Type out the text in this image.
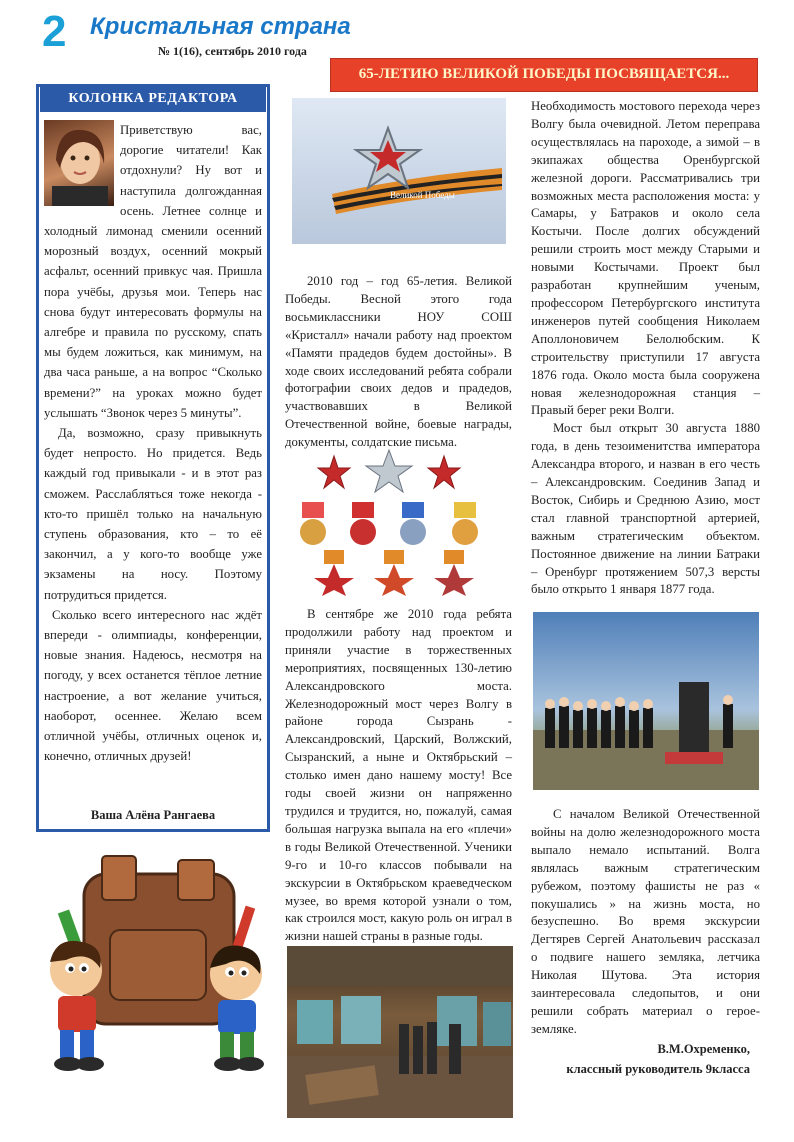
2 Кристальная страна
№ 1(16), сентябрь 2010 года
65-ЛЕТИЮ ВЕЛИКОЙ ПОБЕДЫ ПОСВЯЩАЕТСЯ...
КОЛОНКА РЕДАКТОРА

Приветствую вас, дорогие читатели! Как отдохнули? Ну вот и наступила долгожданная осень. Летнее солнце и холодный лимонад сменили осенний морозный воздух, осенний мокрый асфальт, осенний привкус чая. Пришла пора учёбы, друзья мои. Теперь нас снова будут интересовать формулы на алгебре и правила по русскому, спать мы будем ложиться, как минимум, на два часа раньше, а на вопрос “Сколько времени?” на уроках можно будет услышать “Звонок через 5 минуты”.

Да, возможно, сразу привыкнуть будет непросто. Но придется. Ведь каждый год привыкали - и в этот раз сможем. Расслабляться тоже некогда - кто-то пришёл только на начальную ступень образования, кто – то её закончил, а у кого-то вообще уже экзамены на носу. Поэтому потрудиться придется.

Сколько всего интересного нас ждёт впереди - олимпиады, конференции, новые знания. Надеюсь, несмотря на погоду, у всех останется тёплое летние настроение, а вот желание учиться, наоборот, осеннее. Желаю всем отличной учёбы, отличных оценок и, конечно, отличных друзей!

Ваша Алёна Рангаева
Великой Победы

2010 год – год 65-летия. Великой Победы. Весной этого года восьмиклассники НОУ СОШ «Кристалл» начали работу над проектом «Памяти прадедов будем достойны». В ходе своих исследований ребята собрали фотографии своих дедов и прадедов, участвовавших в Великой Отечественной войне, боевые награды, документы, солдатские письма.

В сентябре же 2010 года ребята продолжили работу над проектом и приняли участие в торжественных мероприятиях, посвященных 130-летию Александровского моста. Железнодорожный мост через Волгу в районе города Сызрань - Александровский, Царский, Волжский, Сызранский, а ныне и Октябрьский – столько имен дано нашему мосту! Все годы своей жизни он напряженно трудился и трудится, но, пожалуй, самая большая нагрузка выпала на его «плечи» в годы Великой Отечественной. Ученики 9-го и 10-го классов побывали на экскурсии в Октябрьском краеведческом музее, во время которой узнали о том, как строился мост, какую роль он играл в жизни нашей страны в разные годы.

Необходимость мостового перехода через Волгу была очевидной. Летом переправа осуществлялась на пароходе, а зимой – в экипажах общества Оренбургской железной дороги. Рассматривались три возможных места расположения моста: у Самары, у Батраков и около села Костычи. После долгих обсуждений решили строить мост между Старыми и новыми Костычами. Проект был разработан крупнейшим ученым, профессором Петербургского института инженеров путей сообщения Николаем Аполлоновичем Белолюбским. К строительству приступили 17 августа 1876 года. Около моста была сооружена новая железнодорожная станция – Правый берег реки Волги.

Мост был открыт 30 августа 1880 года, в день тезоименитства императора Александра второго, и назван в его честь – Александровским. Соединив Запад и Восток, Сибирь и Среднюю Азию, мост стал главной транспортной артерией, важным стратегическим объектом. Постоянное движение на линии Батраки – Оренбург протяжением 507,3 версты было открыто 1 января 1877 года.

С началом Великой Отечественной войны на долю железнодорожного моста выпало немало испытаний. Волга являлась важным стратегическим рубежом, поэтому фашисты не раз « покушались » на жизнь моста, но безуспешно. Во время экскурсии Дегтярев Сергей Анатольевич рассказал о подвиге нашего земляка, летчика Николая Шутова. Эта история заинтересовала следопытов, и они решили собрать материал о герое-земляке.

В.М.Охременко,
классный руководитель 9класса
